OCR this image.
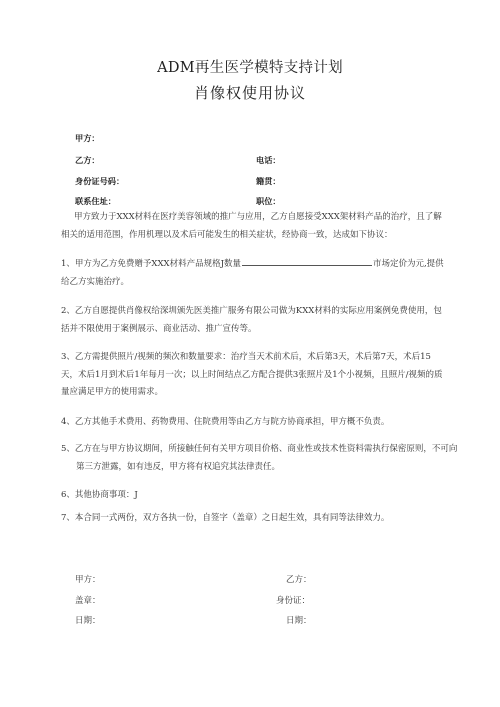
ADM再生医学模特支持计划
肖像权使用协议
甲方：
乙方：	电话：
身份证号码：	籍贯：
联系住址：	职位：
甲方致力于XXX材料在医疗美容领域的推广与应用，乙方自愿接受XXX架材料产品的治疗，且了解相关的适用范围，作用机理以及术后可能发生的相关症状，经协商一致，达成如下协议：
1、甲方为乙方免费赠予XXX材料产品规格J数量	市场定价为元,提供给乙方实施治疗。
2、乙方自愿提供肖像权给深圳颁先医美推广服务有限公司做为KXX材料的实际应用案例免费使用，包括并不限使用于案例展示、商业活动、推广宣传等。
3、乙方需提供照片/视频的频次和数量要求：治疗当天术前术后，术后第3天，术后第7天，术后15天，术后1月到术后1年每月一次；以上时间结点乙方配合提供3张照片及1个小视频，且照片/视频的质量应满足甲方的使用需求。
4、乙方其他手术费用、药物费用、住院费用等由乙方与院方协商承担，甲方概不负责。
5、乙方在与甲方协议期间，所接触任何有关甲方项目价格、商业性或技术性资料需执行保密原则，不可向第三方泄露，如有违反，甲方将有权追究其法律责任。
6、其他协商事项：J
7、本合同一式两份，双方各执一份，自签字（盖章）之日起生效，具有同等法律效力。
甲方：	乙方：
盖章：	身份证：
日期：	日期：
